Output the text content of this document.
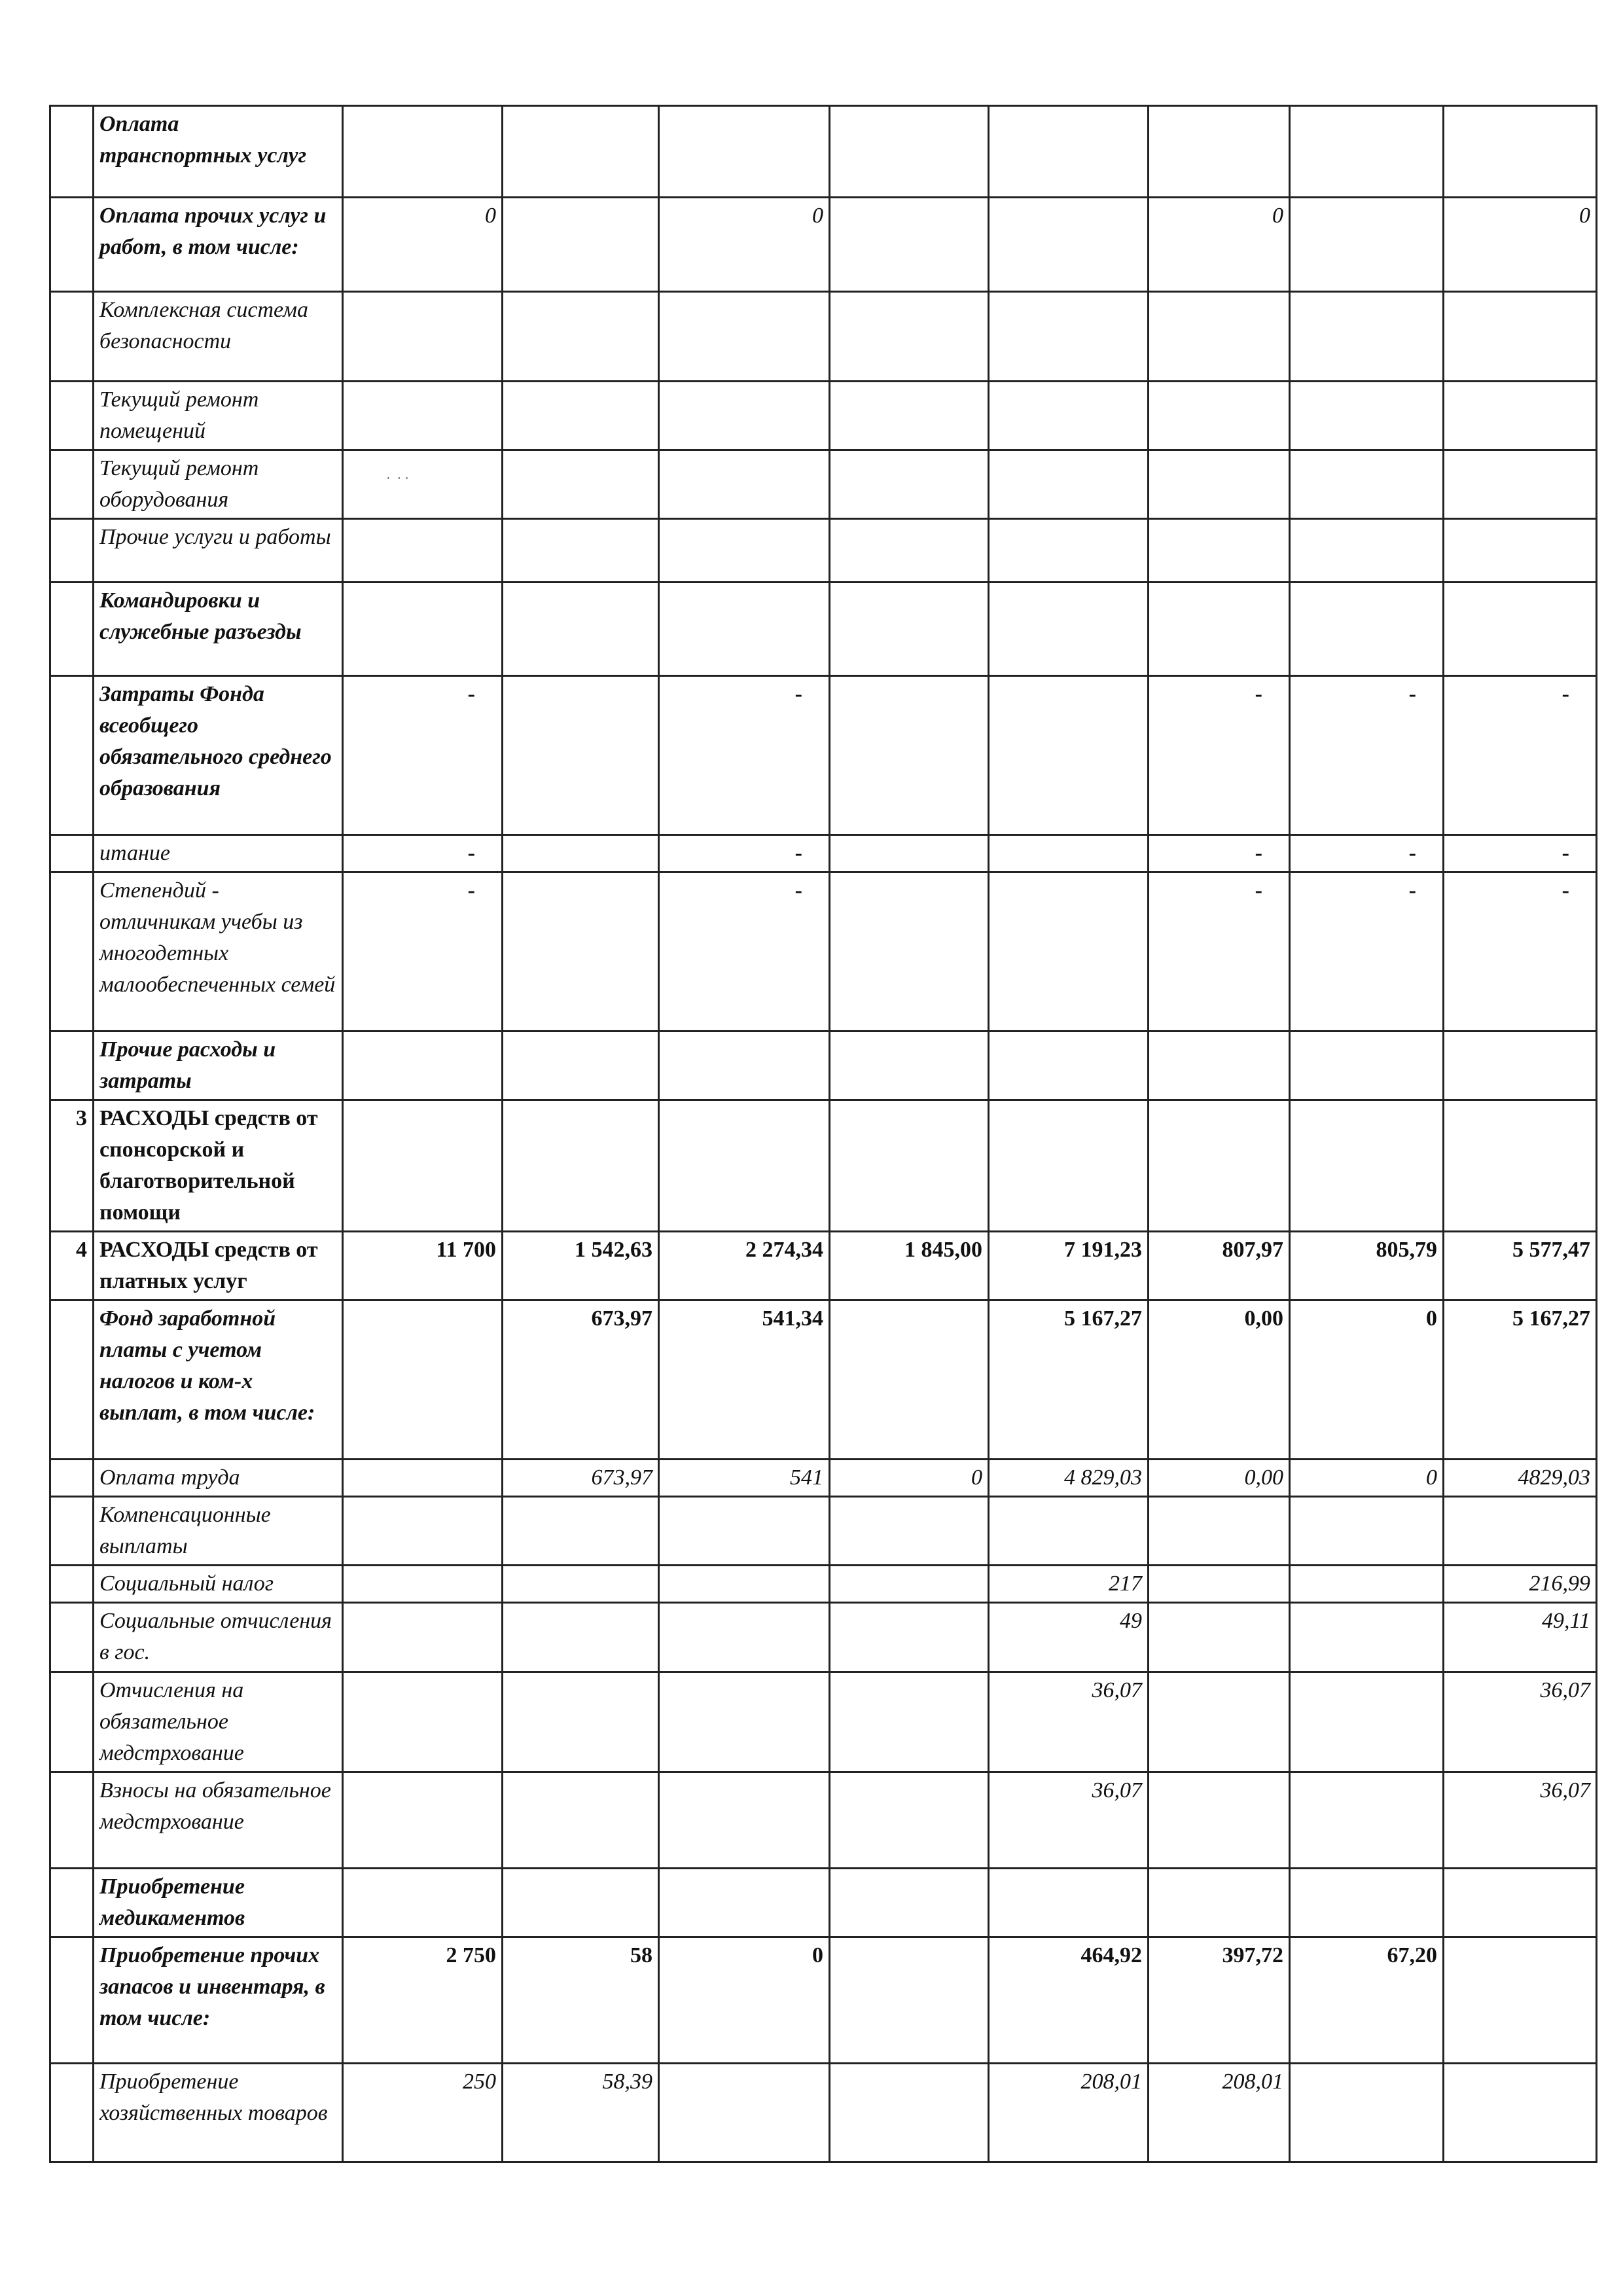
·  · ·
	Оплата транспортных услуг								
	Оплата прочих услуг и работ, в том числе:	0		0			0		0
	Комплексная система безопасности								
	Текущий ремонт помещений								
	Текущий ремонт оборудования								
	Прочие услуги и работы								
	Командировки и служебные разъезды								
	Затраты Фонда всеобщего обязательного среднего образования	-		-			-	-	-
	итание	-		-			-	-	-
	Степендий - отличникам учебы из многодетных малообеспеченных семей	-		-			-	-	-
	Прочие расходы и затраты								
3	РАСХОДЫ средств от спонсорской и благотворительной помощи								
4	РАСХОДЫ средств от платных услуг	11 700	1 542,63	2 274,34	1 845,00	7 191,23	807,97	805,79	5 577,47
	Фонд заработной платы с учетом налогов и ком-х выплат, в том числе:		673,97	541,34		5 167,27	0,00	0	5 167,27
	Оплата труда		673,97	541	0	4 829,03	0,00	0	4829,03
	Компенсационные выплаты								
	Социальный налог					217			216,99
	Социальные отчисления в гос.					49			49,11
	Отчисления на обязательное медстрхование					36,07			36,07
	Взносы на обязательное медстрхование					36,07			36,07
	Приобретение медикаментов								
	Приобретение прочих запасов и инвентаря, в том числе:	2 750	58	0		464,92	397,72	67,20	
	Приобретение хозяйственных товаров	250	58,39			208,01	208,01		
